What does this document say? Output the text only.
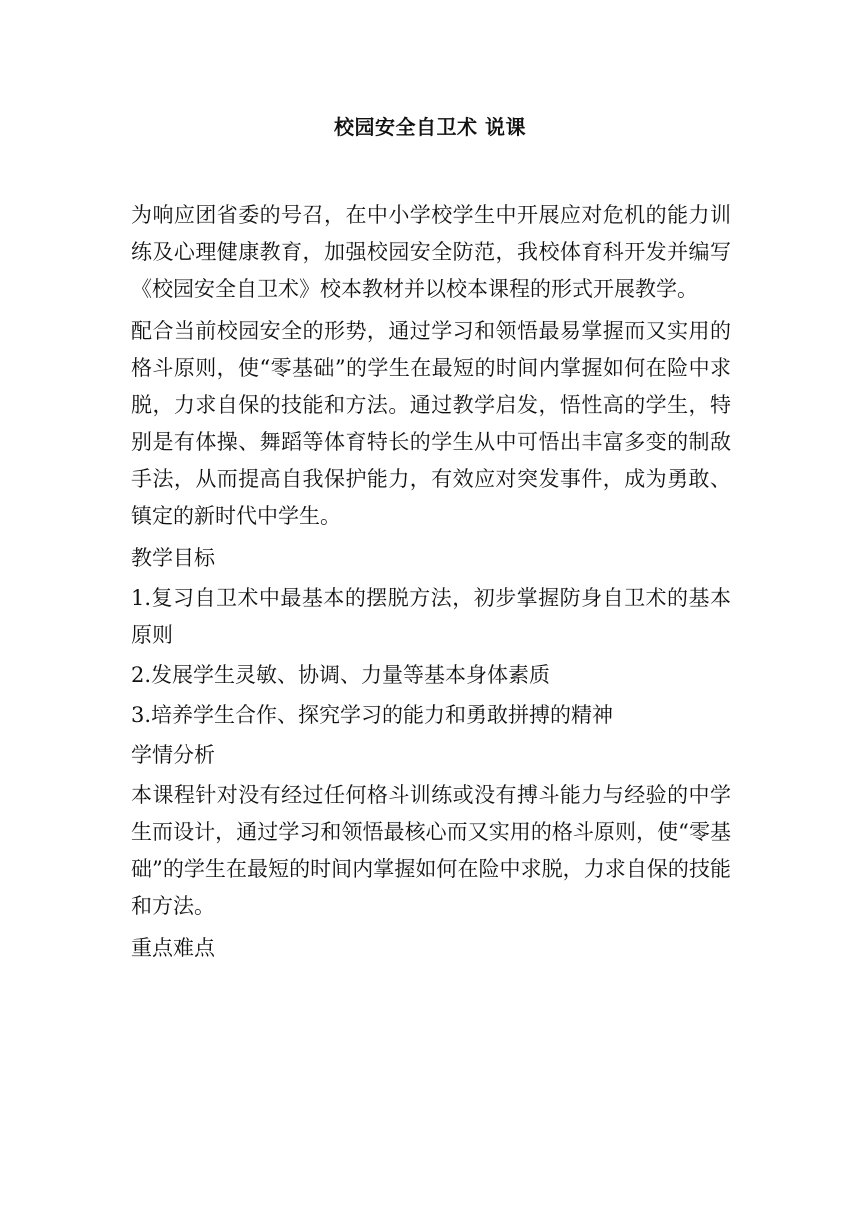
校园安全自卫术 说课

为响应团省委的号召，在中小学校学生中开展应对危机的能力训练及心理健康教育，加强校园安全防范，我校体育科开发并编写《校园安全自卫术》校本教材并以校本课程的形式开展教学。

配合当前校园安全的形势，通过学习和领悟最易掌握而又实用的格斗原则，使“零基础”的学生在最短的时间内掌握如何在险中求脱，力求自保的技能和方法。通过教学启发，悟性高的学生，特别是有体操、舞蹈等体育特长的学生从中可悟出丰富多变的制敌手法，从而提高自我保护能力，有效应对突发事件，成为勇敢、镇定的新时代中学生。

教学目标

1.复习自卫术中最基本的摆脱方法，初步掌握防身自卫术的基本原则

2.发展学生灵敏、协调、力量等基本身体素质

3.培养学生合作、探究学习的能力和勇敢拼搏的精神

学情分析

本课程针对没有经过任何格斗训练或没有搏斗能力与经验的中学生而设计，通过学习和领悟最核心而又实用的格斗原则，使“零基础”的学生在最短的时间内掌握如何在险中求脱，力求自保的技能和方法。

重点难点
